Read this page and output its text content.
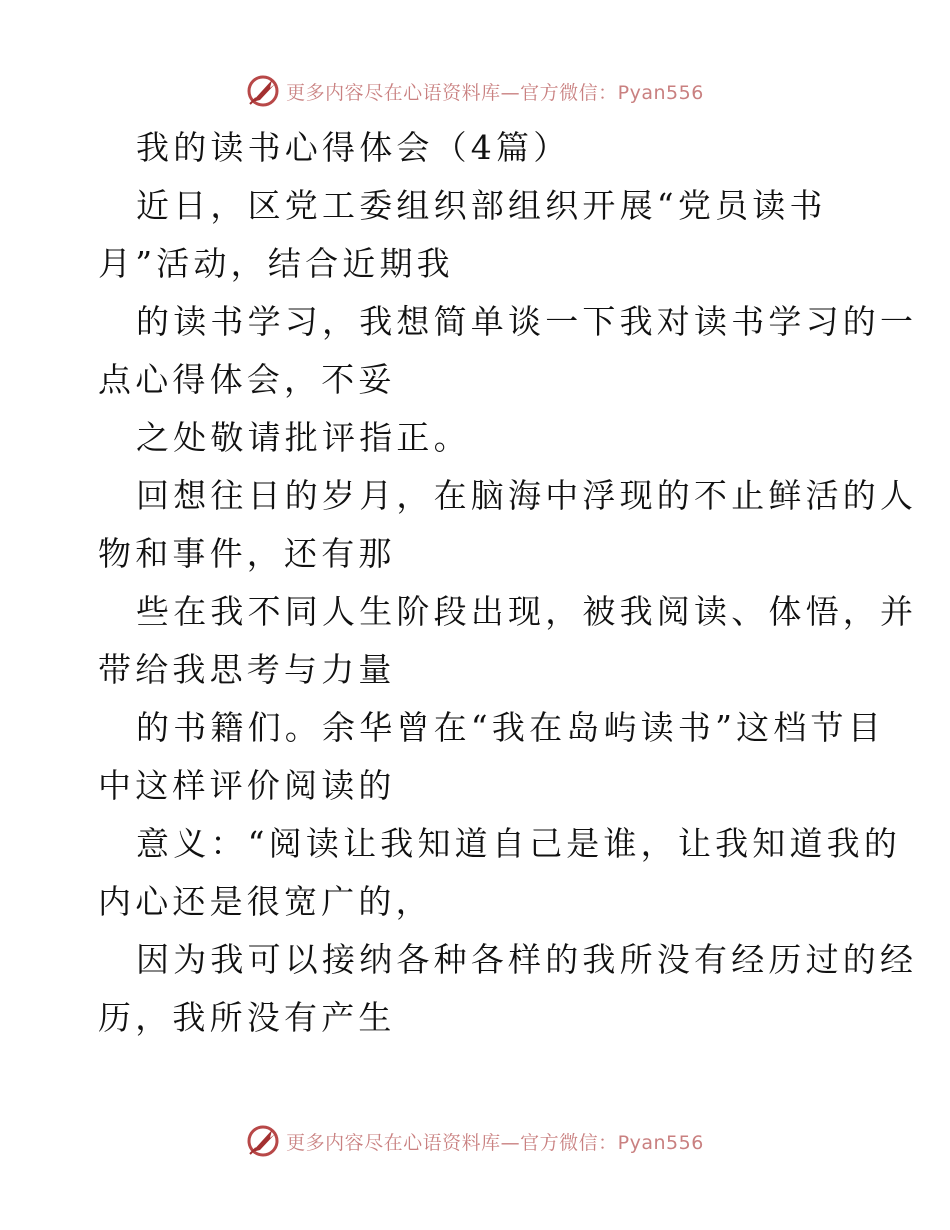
更多内容尽在心语资料库—官方微信：Pyan556
我的读书心得体会（4篇）
近日，区党工委组织部组织开展“党员读书
月”活动，结合近期我
的读书学习，我想简单谈一下我对读书学习的一
点心得体会，不妥
之处敬请批评指正。
回想往日的岁月，在脑海中浮现的不止鲜活的人
物和事件，还有那
些在我不同人生阶段出现，被我阅读、体悟，并
带给我思考与力量
的书籍们。余华曾在“我在岛屿读书”这档节目
中这样评价阅读的
意义：“阅读让我知道自己是谁，让我知道我的
内心还是很宽广的，
因为我可以接纳各种各样的我所没有经历过的经
历，我所没有产生
更多内容尽在心语资料库—官方微信：Pyan556
